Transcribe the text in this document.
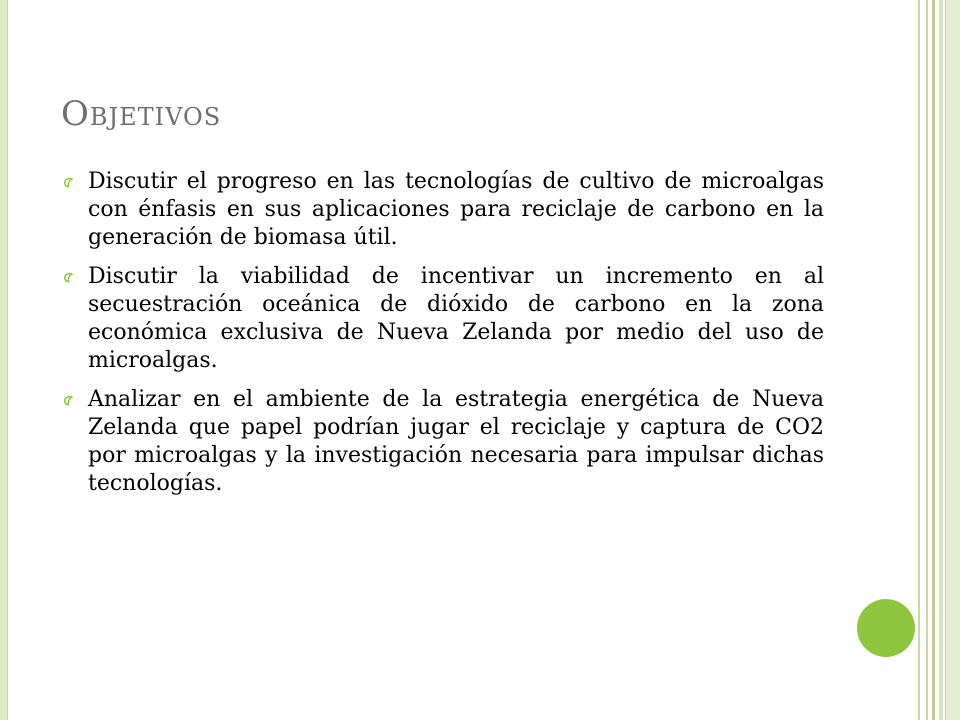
Objetivos
Discutir el progreso en las tecnologías de cultivo de microalgas con énfasis en sus aplicaciones para reciclaje de carbono en la generación de biomasa útil.
Discutir la viabilidad de incentivar un incremento en al secuestración oceánica de dióxido de carbono en la zona económica exclusiva de Nueva Zelanda por medio del uso de microalgas.
Analizar en el ambiente de la estrategia energética de Nueva Zelanda que papel podrían jugar el reciclaje y captura de CO2 por microalgas y la investigación necesaria para impulsar dichas tecnologías.
